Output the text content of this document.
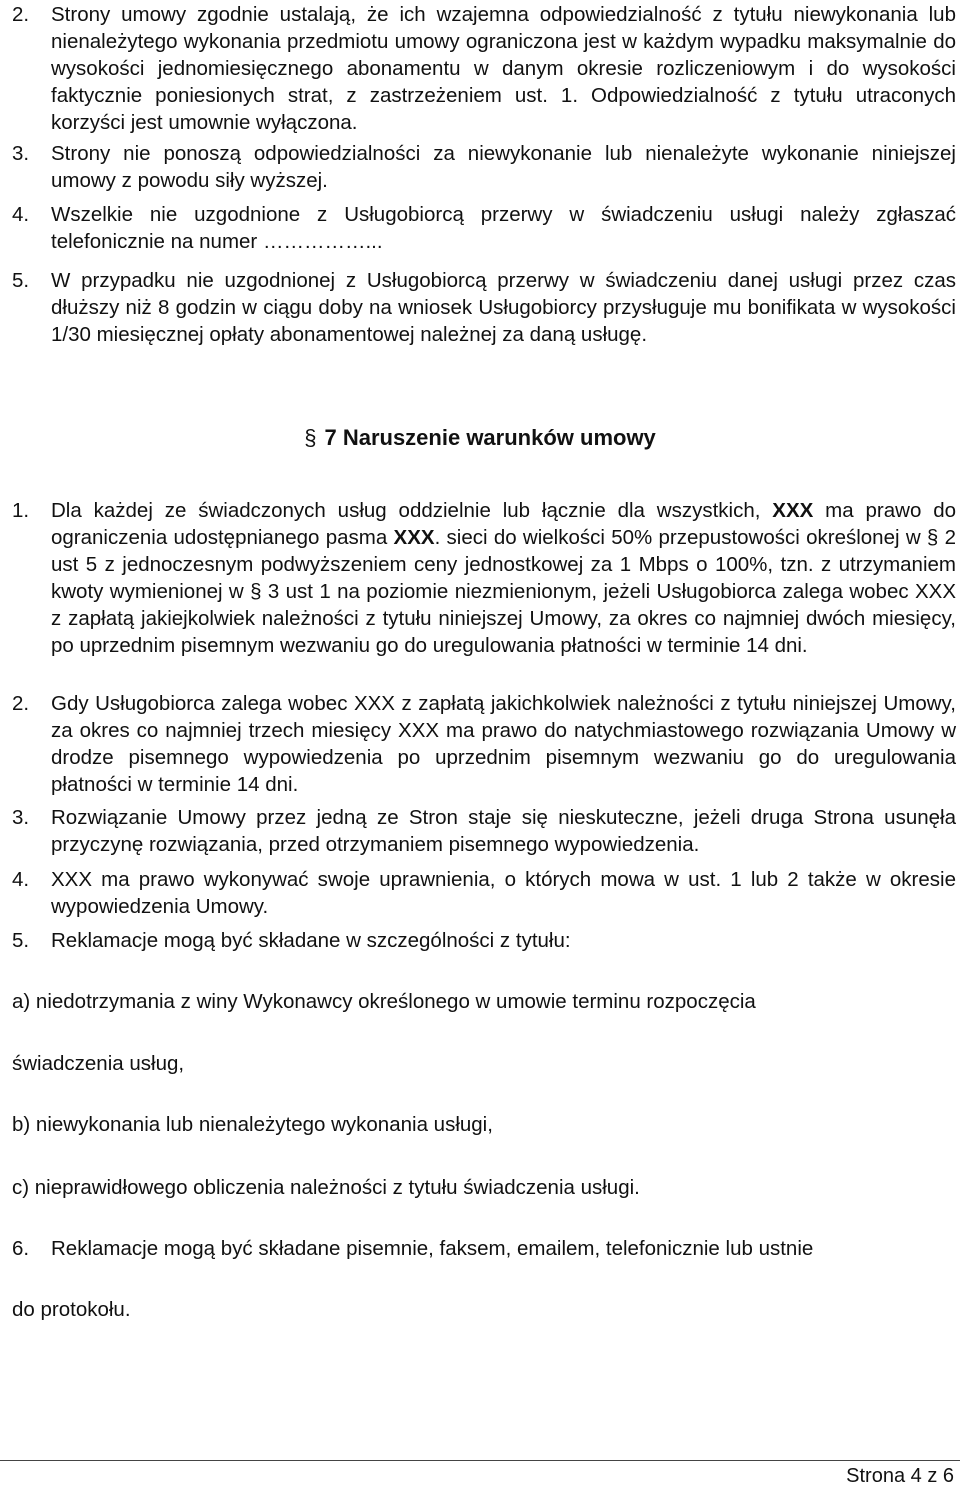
2. Strony umowy zgodnie ustalają, że ich wzajemna odpowiedzialność z tytułu niewykonania lub nienależytego wykonania przedmiotu umowy ograniczona jest w każdym wypadku maksymalnie do wysokości jednomiesięcznego abonamentu w danym okresie rozliczeniowym i do wysokości faktycznie poniesionych strat, z zastrzeżeniem ust. 1. Odpowiedzialność z tytułu utraconych korzyści jest umownie wyłączona.
3. Strony nie ponoszą odpowiedzialności za niewykonanie lub nienależyte wykonanie niniejszej umowy z powodu siły wyższej.
4. Wszelkie nie uzgodnione z Usługobiorcą przerwy w świadczeniu usługi należy zgłaszać telefonicznie na numer ……………...
5. W przypadku nie uzgodnionej z Usługobiorcą przerwy w świadczeniu danej usługi przez czas dłuższy niż 8 godzin w ciągu doby na wniosek Usługobiorcy przysługuje mu bonifikata w wysokości 1/30 miesięcznej opłaty abonamentowej należnej za daną usługę.
§ 7 Naruszenie warunków umowy
1. Dla każdej ze świadczonych usług oddzielnie lub łącznie dla wszystkich, XXX ma prawo do ograniczenia udostępnianego pasma XXX. sieci do wielkości 50% przepustowości określonej w § 2 ust 5 z jednoczesnym podwyższeniem ceny jednostkowej za 1 Mbps o 100%, tzn. z utrzymaniem kwoty wymienionej w § 3 ust 1 na poziomie niezmienionym, jeżeli Usługobiorca zalega wobec XXX z zapłatą jakiejkolwiek należności z tytułu niniejszej Umowy, za okres co najmniej dwóch miesięcy, po uprzednim pisemnym wezwaniu go do uregulowania płatności w terminie 14 dni.
2. Gdy Usługobiorca zalega wobec XXX z zapłatą jakichkolwiek należności z tytułu niniejszej Umowy, za okres co najmniej trzech miesięcy XXX ma prawo do natychmiastowego rozwiązania Umowy w drodze pisemnego wypowiedzenia po uprzednim pisemnym wezwaniu go do uregulowania płatności w terminie 14 dni.
3. Rozwiązanie Umowy przez jedną ze Stron staje się nieskuteczne, jeżeli druga Strona usunęła przyczynę rozwiązania, przed otrzymaniem pisemnego wypowiedzenia.
4. XXX ma prawo wykonywać swoje uprawnienia, o których mowa w ust. 1 lub 2 także w okresie wypowiedzenia Umowy.
5. Reklamacje mogą być składane w szczególności z tytułu:
a) niedotrzymania z winy Wykonawcy określonego w umowie terminu rozpoczęcia
świadczenia usług,
b) niewykonania lub nienależytego wykonania usługi,
c) nieprawidłowego obliczenia należności z tytułu świadczenia usługi.
6. Reklamacje mogą być składane pisemnie, faksem, emailem, telefonicznie lub ustnie
do protokołu.
Strona 4 z 6
